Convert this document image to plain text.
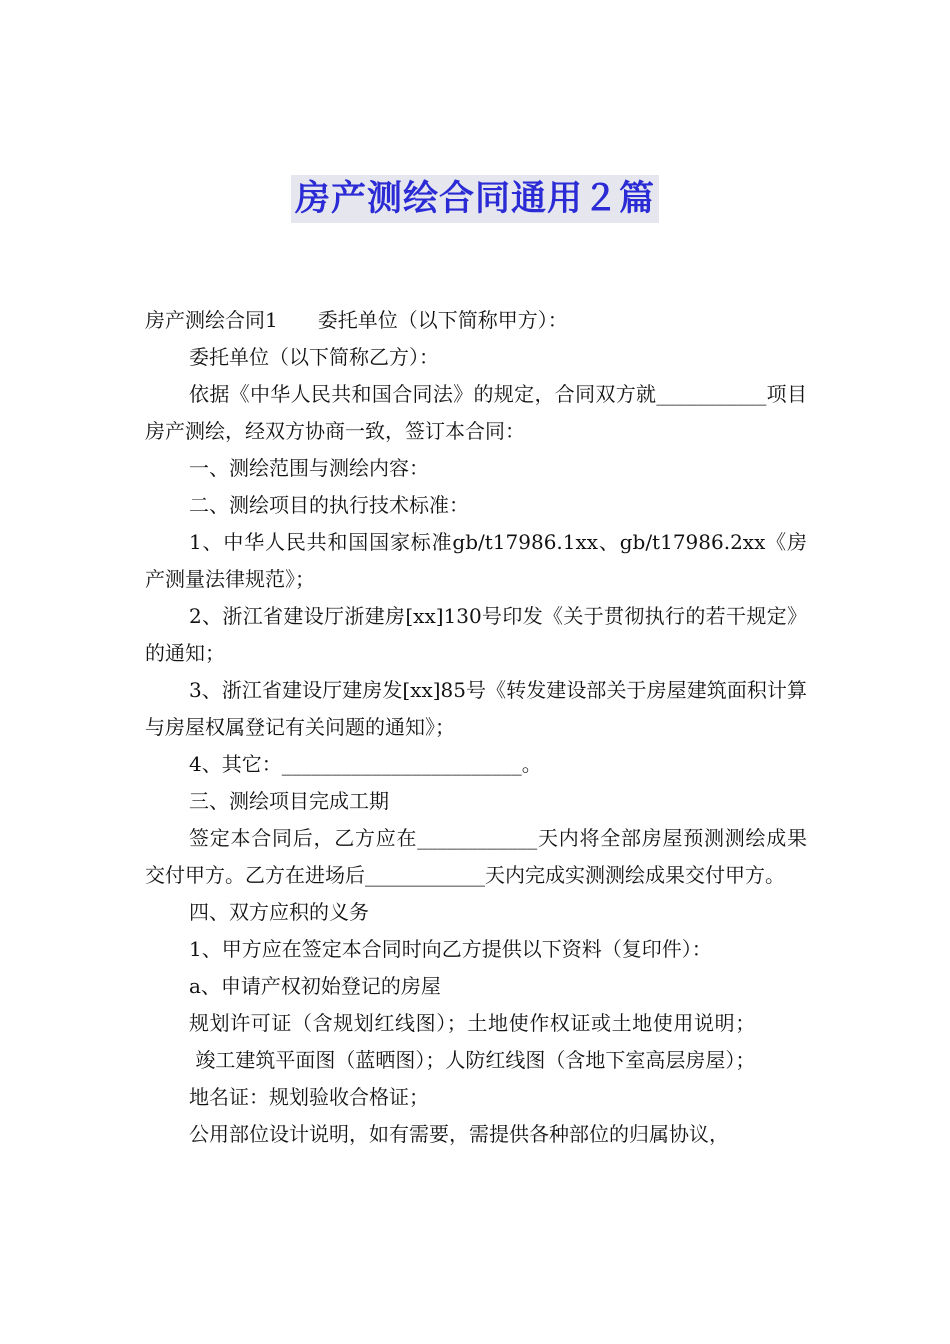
房产测绘合同通用２篇

房产测绘合同1　　委托单位（以下简称甲方）：

委托单位（以下简称乙方）：

依据《中华人民共和国合同法》的规定，合同双方就___________项目房产测绘，经双方协商一致，签订本合同：

一、测绘范围与测绘内容：

二、测绘项目的执行技术标准：

1、中华人民共和国国家标准gb/t17986.1xx、gb/t17986.2xx《房产测量法律规范》；

2、浙江省建设厅浙建房[xx]130号印发《关于贯彻执行的若干规定》的通知；

3、浙江省建设厅建房发[xx]85号《转发建设部关于房屋建筑面积计算与房屋权属登记有关问题的通知》；

4、其它：________________________。

三、测绘项目完成工期

签定本合同后，乙方应在____________天内将全部房屋预测测绘成果交付甲方。乙方在进场后____________天内完成实测测绘成果交付甲方。

四、双方应积的义务

1、甲方应在签定本合同时向乙方提供以下资料（复印件）：

a、申请产权初始登记的房屋

规划许可证（含规划红线图）；土地使作权证或土地使用说明；

竣工建筑平面图（蓝晒图）；人防红线图（含地下室高层房屋）；

地名证：规划验收合格证；

公用部位设计说明，如有需要，需提供各种部位的归属协议，
